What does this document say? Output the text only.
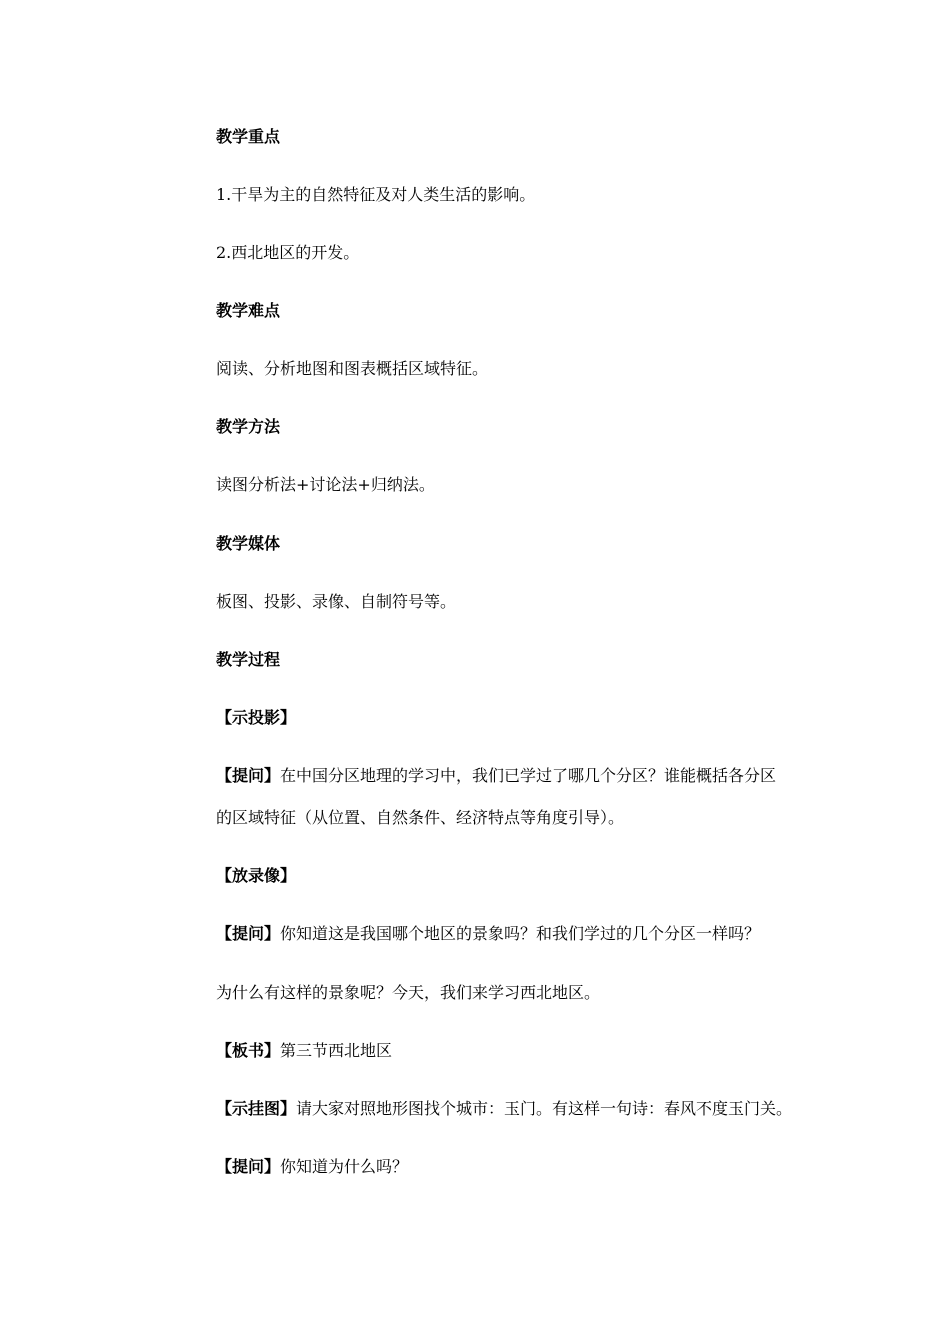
教学重点
1.干旱为主的自然特征及对人类生活的影响。
2.西北地区的开发。
教学难点
阅读、分析地图和图表概括区域特征。
教学方法
读图分析法+讨论法+归纳法。
教学媒体
板图、投影、录像、自制符号等。
教学过程
【示投影】
【提问】在中国分区地理的学习中，我们已学过了哪几个分区？谁能概括各分区
的区域特征（从位置、自然条件、经济特点等角度引导）。
【放录像】
【提问】你知道这是我国哪个地区的景象吗？和我们学过的几个分区一样吗？
为什么有这样的景象呢？今天，我们来学习西北地区。
【板书】第三节西北地区
【示挂图】请大家对照地形图找个城市：玉门。有这样一句诗：春风不度玉门关。
【提问】你知道为什么吗？
